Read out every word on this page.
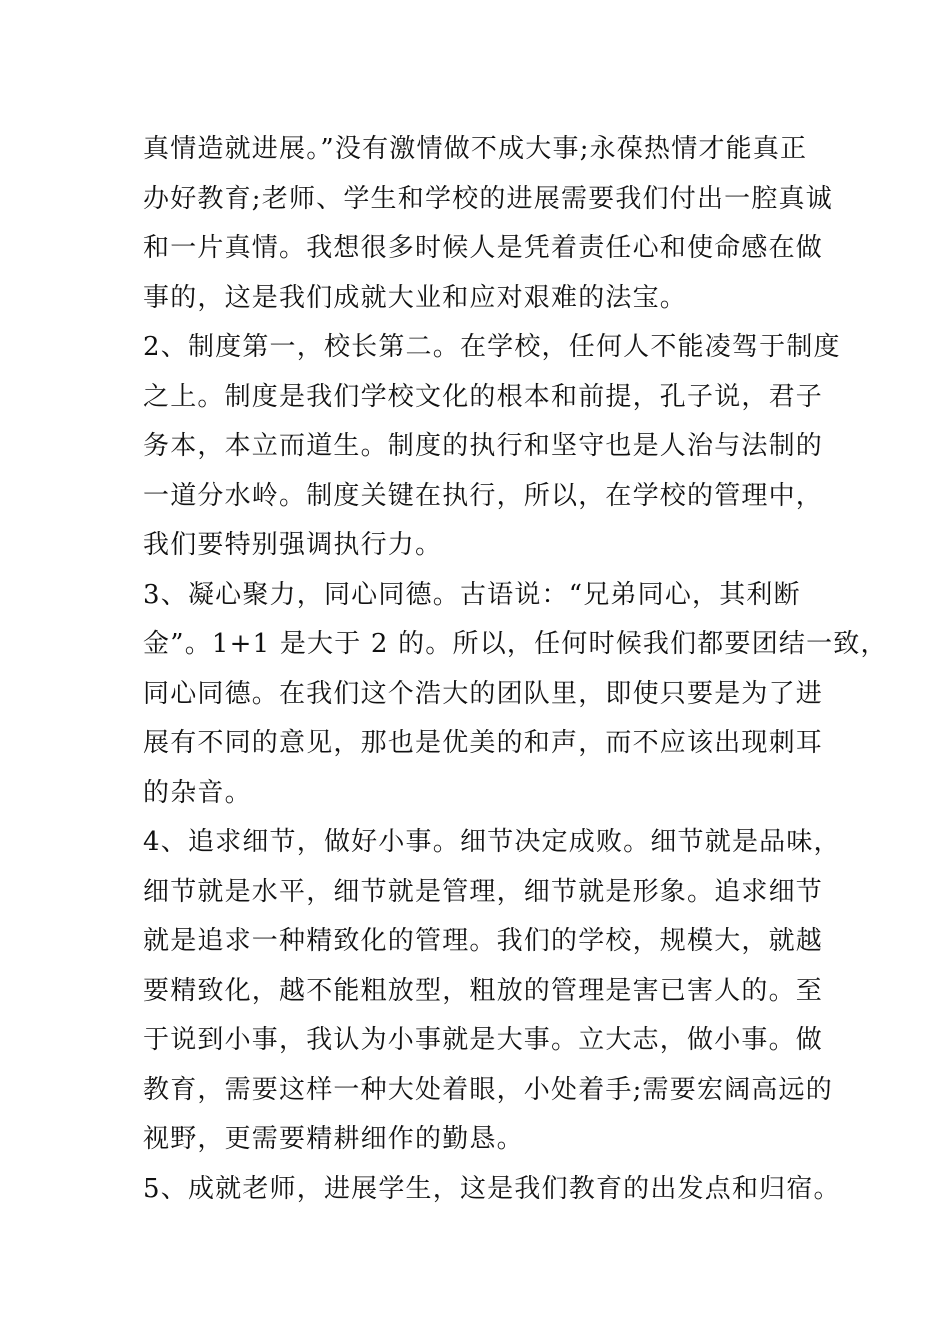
真情造就进展。”没有激情做不成大事;永葆热情才能真正
办好教育;老师、学生和学校的进展需要我们付出一腔真诚
和一片真情。我想很多时候人是凭着责任心和使命感在做
事的，这是我们成就大业和应对艰难的法宝。
2、制度第一，校长第二。在学校，任何人不能凌驾于制度
之上。制度是我们学校文化的根本和前提，孔子说，君子
务本，本立而道生。制度的执行和坚守也是人治与法制的
一道分水岭。制度关键在执行，所以，在学校的管理中，
我们要特别强调执行力。
3、凝心聚力，同心同德。古语说：“兄弟同心，其利断
金”。1+1 是大于 2 的。所以，任何时候我们都要团结一致，
同心同德。在我们这个浩大的团队里，即使只要是为了进
展有不同的意见，那也是优美的和声，而不应该出现刺耳
的杂音。
4、追求细节，做好小事。细节决定成败。细节就是品味，
细节就是水平，细节就是管理，细节就是形象。追求细节
就是追求一种精致化的管理。我们的学校，规模大，就越
要精致化，越不能粗放型，粗放的管理是害已害人的。至
于说到小事，我认为小事就是大事。立大志，做小事。做
教育，需要这样一种大处着眼，小处着手;需要宏阔高远的
视野，更需要精耕细作的勤恳。
5、成就老师，进展学生，这是我们教育的出发点和归宿。
